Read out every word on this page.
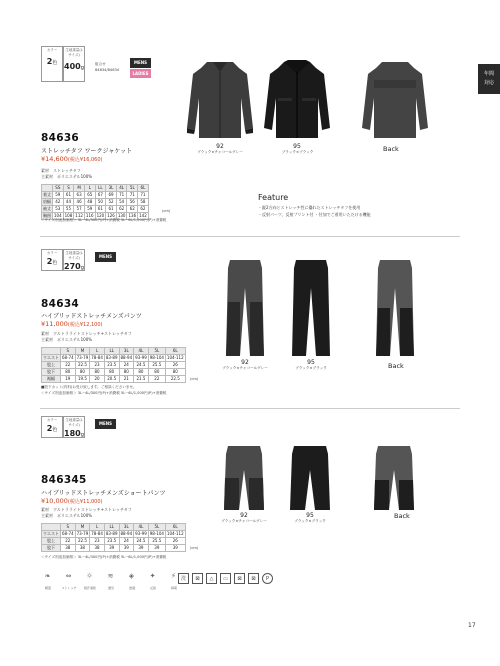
年間
対応
カラー
2色
生地重量(Lサイズ)
400g
組合せ
84634/84634
MENS
LADIES
84636
ストレッチタフ ワークジャケット
¥14,600(税込¥16,060)
素材　 ストレッチタフ
主素材　 ポリエステル100%
	SS	S	M	L	LL	3L	4L	5L	6L
着丈	59	61	63	65	67	69	71	71	71
肩幅	42	44	46	48	50	52	54	56	58
袖丈	53	55	57	59	61	61	62	62	62
胸囲	104	108	112	116	120	126	130	136	142
(cm)
＜サイズ別追加価格＞ 3L~4L/300円(P)+消費税 5L~6L/1,000円(P)+消費税
92
ブラック×チャコールグレー
95
ブラック×ブラック	Back
Feature
・縦2方向とストレッチ性に優れたストレッチタフを使用
・反射パーツ、反射プリント付 ・付加でご着用いただける機能
カラー
2色
生地重量(Lサイズ)
270g
MENS
84634
ハイブリッドストレッチメンズパンツ
¥11,000(税込¥12,100)
素材　 ウルトラライトストレッチ+ストレッチタフ
主素材　 ポリエステル100%
	S	M	L	LL	3L	4L	5L	6L
ウエスト	68-74	73-79	78-84	83-89	88-94	93-99	98-104	104-112
股上	22	22.5	23	23.5	24	24.5	25.5	26
股下	80	80	80	80	80	80	80	80
裾幅	19	19.5	20	20.5	21	21.5	22	22.5	(cm)
■股下カット(有料)お受け致します。ご相談くださいませ。
＜サイズ別追加価格＞ 3L~4L/300円(P)+消費税 5L~6L/1,000円(P)+消費税
92
ブラック×チャコールグレー
95
ブラック×ブラック	Back
カラー
2色
生地重量(Lサイズ)
180g
MENS
846345
ハイブリッドストレッチメンズショートパンツ
¥10,000(税込¥11,000)
素材　 ウルトラライトストレッチ+ストレッチタフ
主素材　 ポリエステル100%
	S	M	L	LL	3L	4L	5L	6L
ウエスト	68-74	73-79	78-84	83-89	88-94	93-99	98-104	104-112
股上	22	22.5	23	23.5	24	24.5	25.5	26
股下	38	38	38	39	39	39	39	39	(cm)
＜サイズ別追加価格＞ 3L~4L/300円(P)+消費税 5L~6L/1,000円(P)+消費税
92
ブラック×チャコールグレー
95
ブラック×ブラック
Back
❧
軽量
⇔
ストレッチ
☼
吸汗速乾
≋
通気
◈
透湿
✦
反射
⚡
制電
洗	⊠	△	▭	⊠	⊠	P
17
